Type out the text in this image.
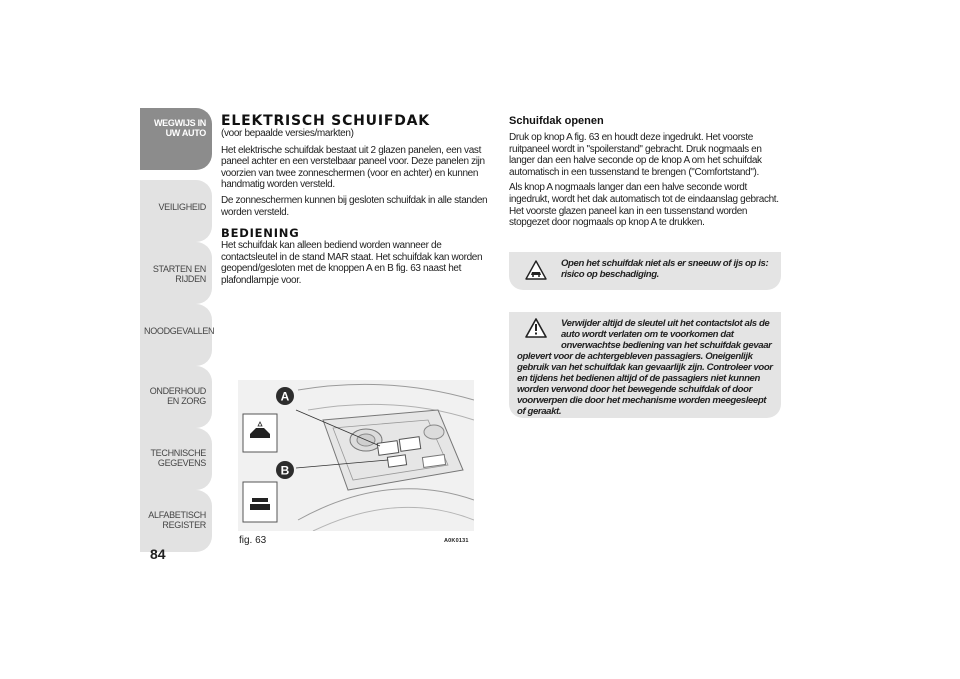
WEGWIJS IN UW AUTO
VEILIGHEID
STARTEN EN RIJDEN
NOODGEVALLEN
ONDERHOUD EN ZORG
TECHNISCHE GEGEVENS
ALFABETISCH REGISTER
84
ELEKTRISCH SCHUIFDAK

(voor bepaalde versies/markten)

Het elektrische schuifdak bestaat uit 2 glazen panelen, een vast paneel achter en een verstelbaar paneel voor. Deze panelen zijn voorzien van twee zonneschermen (voor en achter) en kunnen handmatig worden versteld.

De zonneschermen kunnen bij gesloten schuifdak in alle standen worden versteld.

BEDIENING

Het schuifdak kan alleen bediend worden wanneer de contactsleutel in de stand MAR staat. Het schuifdak kan worden geopend/gesloten met de knoppen A en B fig. 63 naast het plafondlampje voor.

A
B
fig. 63	A0K0131
Schuifdak openen

Druk op knop A fig. 63 en houdt deze ingedrukt. Het voorste ruitpaneel wordt in "spoilerstand" gebracht. Druk nogmaals en langer dan een halve seconde op de knop A om het schuifdak automatisch in een tussenstand te brengen ("Comfortstand").

Als knop A nogmaals langer dan een halve seconde wordt ingedrukt, wordt het dak automatisch tot de eindaanslag gebracht. Het voorste glazen paneel kan in een tussenstand worden stopgezet door nogmaals op knop A te drukken.

Open het schuifdak niet als er sneeuw of ijs op is: risico op beschadiging.
Verwijder altijd de sleutel uit het contactslot als de auto wordt verlaten om te voorkomen dat onverwachtse bediening van het schuifdak gevaar
oplevert voor de achtergebleven passagiers. Oneigenlijk gebruik van het schuifdak kan gevaarlijk zijn. Controleer voor en tijdens het bedienen altijd of de passagiers niet kunnen worden verwond door het bewegende schuifdak of door voorwerpen die door het mechanisme worden meegesleept of geraakt.
